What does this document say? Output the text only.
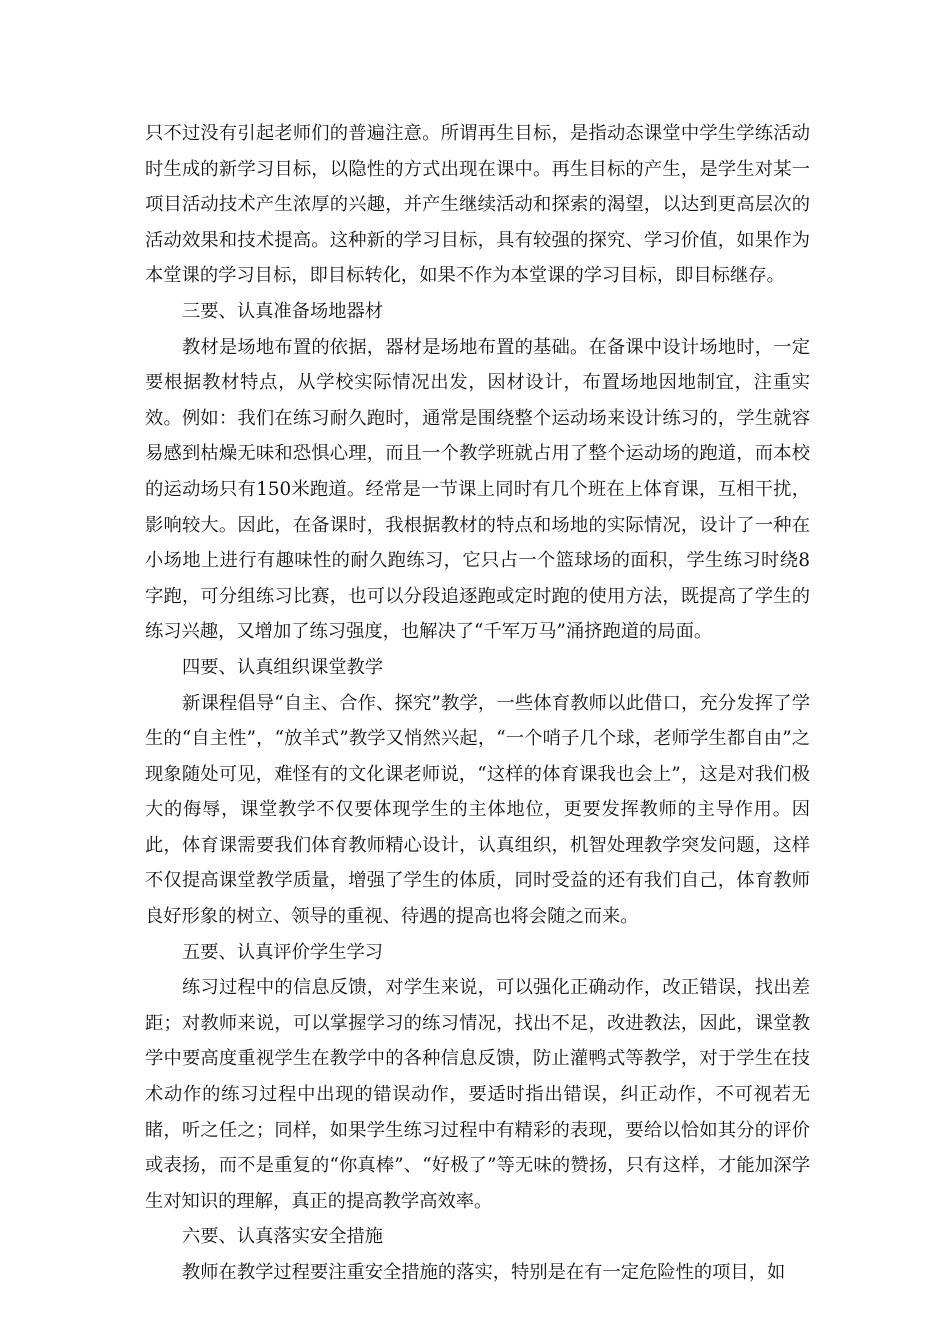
只不过没有引起老师们的普遍注意。所谓再生目标，是指动态课堂中学生学练活动时生成的新学习目标，以隐性的方式出现在课中。再生目标的产生，是学生对某一项目活动技术产生浓厚的兴趣，并产生继续活动和探索的渴望，以达到更高层次的活动效果和技术提高。这种新的学习目标，具有较强的探究、学习价值，如果作为本堂课的学习目标，即目标转化，如果不作为本堂课的学习目标，即目标继存。

三要、认真准备场地器材

教材是场地布置的依据，器材是场地布置的基础。在备课中设计场地时，一定要根据教材特点，从学校实际情况出发，因材设计，布置场地因地制宜，注重实效。例如：我们在练习耐久跑时，通常是围绕整个运动场来设计练习的，学生就容易感到枯燥无味和恐惧心理，而且一个教学班就占用了整个运动场的跑道，而本校的运动场只有150米跑道。经常是一节课上同时有几个班在上体育课，互相干扰，影响较大。因此，在备课时，我根据教材的特点和场地的实际情况，设计了一种在小场地上进行有趣味性的耐久跑练习，它只占一个篮球场的面积，学生练习时绕8字跑，可分组练习比赛，也可以分段追逐跑或定时跑的使用方法，既提高了学生的练习兴趣，又增加了练习强度，也解决了“千军万马”涌挤跑道的局面。

四要、认真组织课堂教学

新课程倡导“自主、合作、探究”教学，一些体育教师以此借口，充分发挥了学生的“自主性”，“放羊式”教学又悄然兴起，“一个哨子几个球，老师学生都自由”之现象随处可见，难怪有的文化课老师说，“这样的体育课我也会上”，这是对我们极大的侮辱，课堂教学不仅要体现学生的主体地位，更要发挥教师的主导作用。因此，体育课需要我们体育教师精心设计，认真组织，机智处理教学突发问题，这样不仅提高课堂教学质量，增强了学生的体质，同时受益的还有我们自己，体育教师良好形象的树立、领导的重视、待遇的提高也将会随之而来。

五要、认真评价学生学习

练习过程中的信息反馈，对学生来说，可以强化正确动作，改正错误，找出差距；对教师来说，可以掌握学习的练习情况，找出不足，改进教法，因此，课堂教学中要高度重视学生在教学中的各种信息反馈，防止灌鸭式等教学，对于学生在技术动作的练习过程中出现的错误动作，要适时指出错误，纠正动作，不可视若无睹，听之任之；同样，如果学生练习过程中有精彩的表现，要给以恰如其分的评价或表扬，而不是重复的“你真棒”、“好极了”等无味的赞扬，只有这样，才能加深学生对知识的理解，真正的提高教学高效率。

六要、认真落实安全措施

教师在教学过程要注重安全措施的落实，特别是在有一定危险性的项目，如
